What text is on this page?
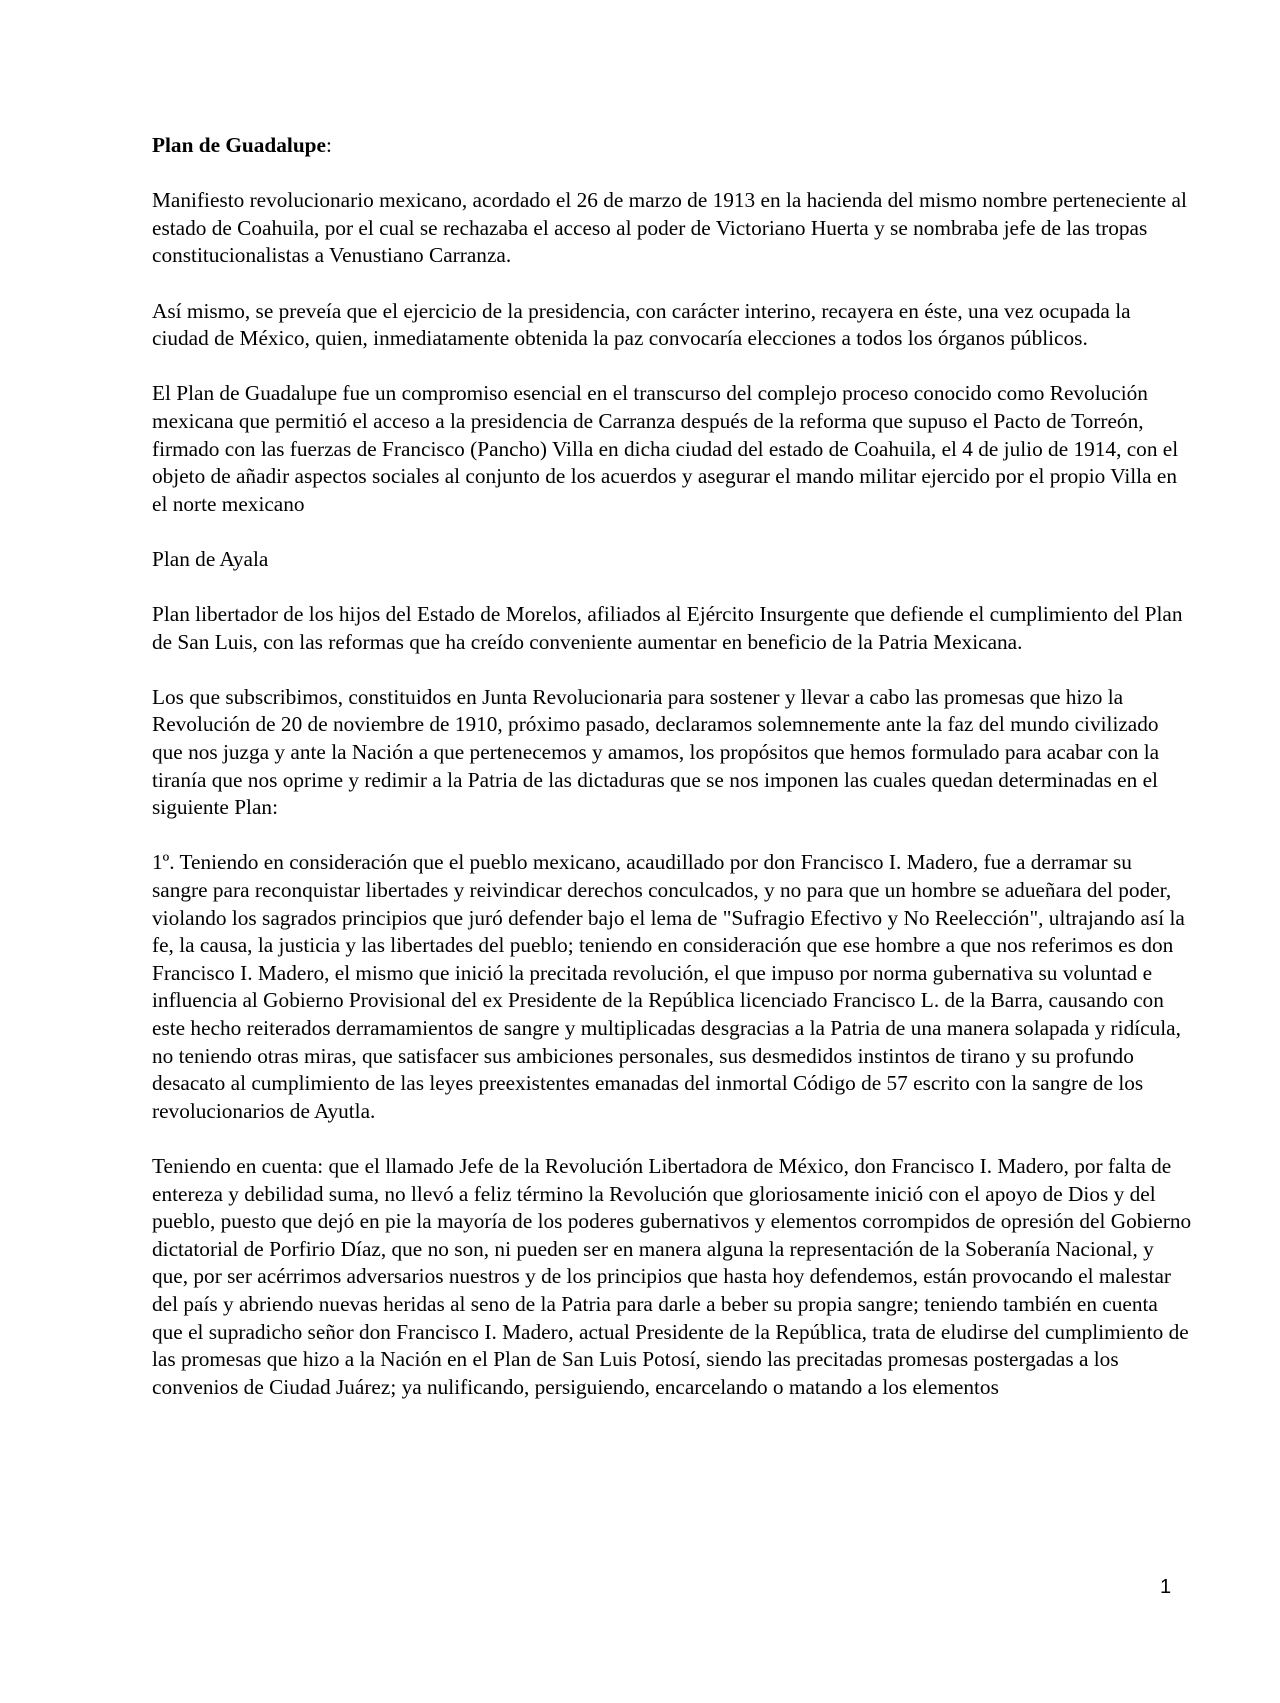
Plan de Guadalupe:

Manifiesto revolucionario mexicano, acordado el 26 de marzo de 1913 en la hacienda del mismo nombre perteneciente al estado de Coahuila, por el cual se rechazaba el acceso al poder de Victoriano Huerta y se nombraba jefe de las tropas constitucionalistas a Venustiano Carranza.

Así mismo, se preveía que el ejercicio de la presidencia, con carácter interino, recayera en éste, una vez ocupada la ciudad de México, quien, inmediatamente obtenida la paz convocaría elecciones a todos los órganos públicos.

El Plan de Guadalupe fue un compromiso esencial en el transcurso del complejo proceso conocido como Revolución mexicana que permitió el acceso a la presidencia de Carranza después de la reforma que supuso el Pacto de Torreón, firmado con las fuerzas de Francisco (Pancho) Villa en dicha ciudad del estado de Coahuila, el 4 de julio de 1914, con el objeto de añadir aspectos sociales al conjunto de los acuerdos y asegurar el mando militar ejercido por el propio Villa en el norte mexicano

Plan de Ayala

Plan libertador de los hijos del Estado de Morelos, afiliados al Ejército Insurgente que defiende el cumplimiento del Plan de San Luis, con las reformas que ha creído conveniente aumentar en beneficio de la Patria Mexicana.

Los que subscribimos, constituidos en Junta Revolucionaria para sostener y llevar a cabo las promesas que hizo la Revolución de 20 de noviembre de 1910, próximo pasado, declaramos solemnemente ante la faz del mundo civilizado que nos juzga y ante la Nación a que pertenecemos y amamos, los propósitos que hemos formulado para acabar con la tiranía que nos oprime y redimir a la Patria de las dictaduras que se nos imponen las cuales quedan determinadas en el siguiente Plan:

1º. Teniendo en consideración que el pueblo mexicano, acaudillado por don Francisco I. Madero, fue a derramar su sangre para reconquistar libertades y reivindicar derechos conculcados, y no para que un hombre se adueñara del poder, violando los sagrados principios que juró defender bajo el lema de "Sufragio Efectivo y No Reelección", ultrajando así la fe, la causa, la justicia y las libertades del pueblo; teniendo en consideración que ese hombre a que nos referimos es don Francisco I. Madero, el mismo que inició la precitada revolución, el que impuso por norma gubernativa su voluntad e influencia al Gobierno Provisional del ex Presidente de la República licenciado Francisco L. de la Barra, causando con este hecho reiterados derramamientos de sangre y multiplicadas desgracias a la Patria de una manera solapada y ridícula, no teniendo otras miras, que satisfacer sus ambiciones personales, sus desmedidos instintos de tirano y su profundo desacato al cumplimiento de las leyes preexistentes emanadas del inmortal Código de 57 escrito con la sangre de los revolucionarios de Ayutla.

Teniendo en cuenta: que el llamado Jefe de la Revolución Libertadora de México, don Francisco I. Madero, por falta de entereza y debilidad suma, no llevó a feliz término la Revolución que gloriosamente inició con el apoyo de Dios y del pueblo, puesto que dejó en pie la mayoría de los poderes gubernativos y elementos corrompidos de opresión del Gobierno dictatorial de Porfirio Díaz, que no son, ni pueden ser en manera alguna la representación de la Soberanía Nacional, y que, por ser acérrimos adversarios nuestros y de los principios que hasta hoy defendemos, están provocando el malestar del país y abriendo nuevas heridas al seno de la Patria para darle a beber su propia sangre; teniendo también en cuenta que el supradicho señor don Francisco I. Madero, actual Presidente de la República, trata de eludirse del cumplimiento de las promesas que hizo a la Nación en el Plan de San Luis Potosí, siendo las precitadas promesas postergadas a los convenios de Ciudad Juárez; ya nulificando, persiguiendo, encarcelando o matando a los elementos

1
